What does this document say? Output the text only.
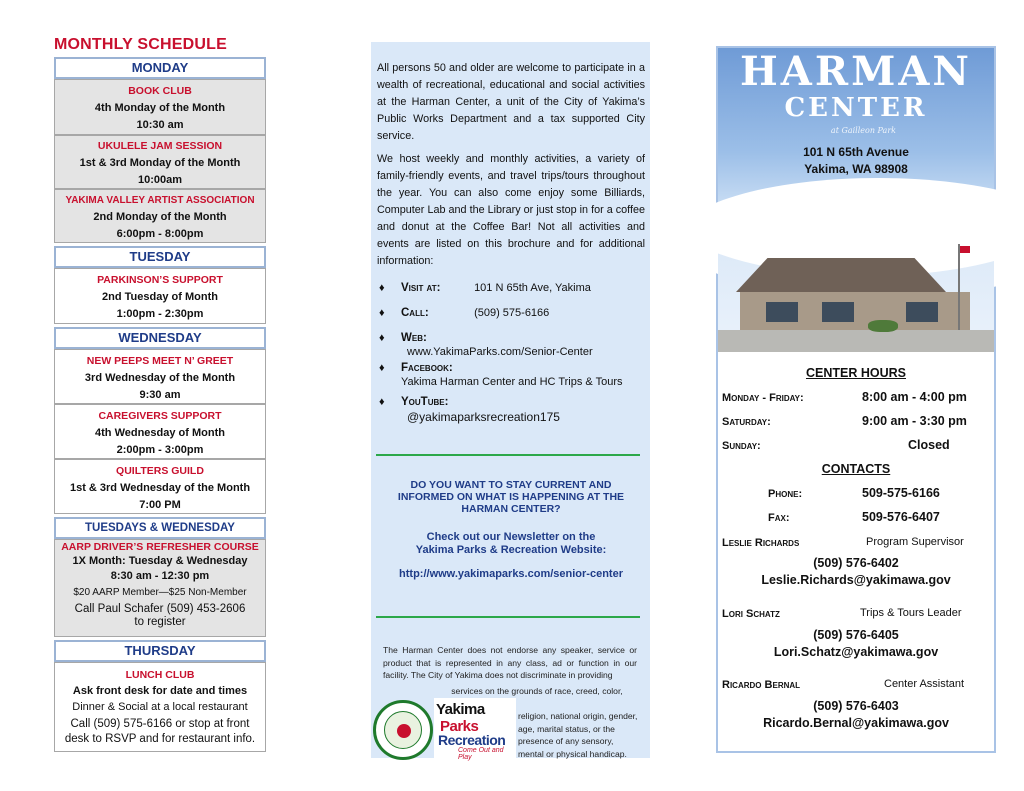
MONTHLY SCHEDULE
MONDAY
BOOK CLUB
4th Monday of the Month
10:30 am
UKULELE JAM SESSION
1st & 3rd Monday of the Month
10:00am
YAKIMA VALLEY ARTIST ASSOCIATION
2nd Monday of the Month
6:00pm - 8:00pm
TUESDAY
PARKINSON’S SUPPORT
2nd Tuesday of Month
1:00pm - 2:30pm
WEDNESDAY
NEW PEEPS MEET N’ GREET
3rd Wednesday of the Month
9:30 am
CAREGIVERS SUPPORT
4th Wednesday of Month
2:00pm - 3:00pm
QUILTERS GUILD
1st & 3rd Wednesday of the Month
7:00 PM
TUESDAYS & WEDNESDAY
AARP DRIVER’S REFRESHER COURSE
1X Month: Tuesday & Wednesday
8:30 am - 12:30 pm
$20 AARP Member—$25 Non-Member
Call Paul Schafer (509) 453-2606
to register
THURSDAY
LUNCH CLUB
Ask front desk for date and times
Dinner & Social at a local restaurant
Call (509) 575-6166 or stop at front
desk to RSVP and for restaurant info.

All persons 50 and older are welcome to participate in a wealth of recreational, educational and social activities at the Harman Center, a unit of the City of Yakima’s Public Works Department and a tax supported City service.

We host weekly and monthly activities, a variety of family-friendly events, and travel trips/tours throughout the year. You can also come enjoy some Billiards, Computer Lab and the Library or just stop in for a coffee and donut at the Coffee Bar! Not all activities and events are listed on this brochure and for additional information:

♦ Visit at:	101 N 65th Ave, Yakima
♦ Call:	(509) 575-6166
♦ Web:
www.YakimaParks.com/Senior-Center
♦ Facebook:
Yakima Harman Center and HC Trips & Tours
♦ YouTube:
@yakimaparksrecreation175
DO YOU WANT TO STAY CURRENT AND
INFORMED ON WHAT IS HAPPENING AT THE
HARMAN CENTER?
Check out our Newsletter on the
Yakima Parks & Recreation Website:
http://www.yakimaparks.com/senior-center
The Harman Center does not endorse any speaker, service or product that is represented in any class, ad or function in our facility. The City of Yakima does not discriminate in providing
services on the grounds of race, creed, color,
religion, national origin, gender, age, marital status, or the presence of any sensory, mental or physical handicap.
Yakima
Parks
Recreation
Come Out and Play
HARMAN
CENTER
at Gailleon Park
101 N 65th Avenue
Yakima, WA 98908
CENTER HOURS
Monday - Friday:	8:00 am - 4:00 pm
Saturday:	9:00 am - 3:30 pm
Sunday:	Closed
CONTACTS
Phone:	509-575-6166
Fax:	509-576-6407
Leslie Richards	Program Supervisor
(509) 576-6402
Leslie.Richards@yakimawa.gov
Lori Schatz	Trips & Tours Leader
(509) 576-6405
Lori.Schatz@yakimawa.gov
Ricardo Bernal	Center Assistant
(509) 576-6403
Ricardo.Bernal@yakimawa.gov
